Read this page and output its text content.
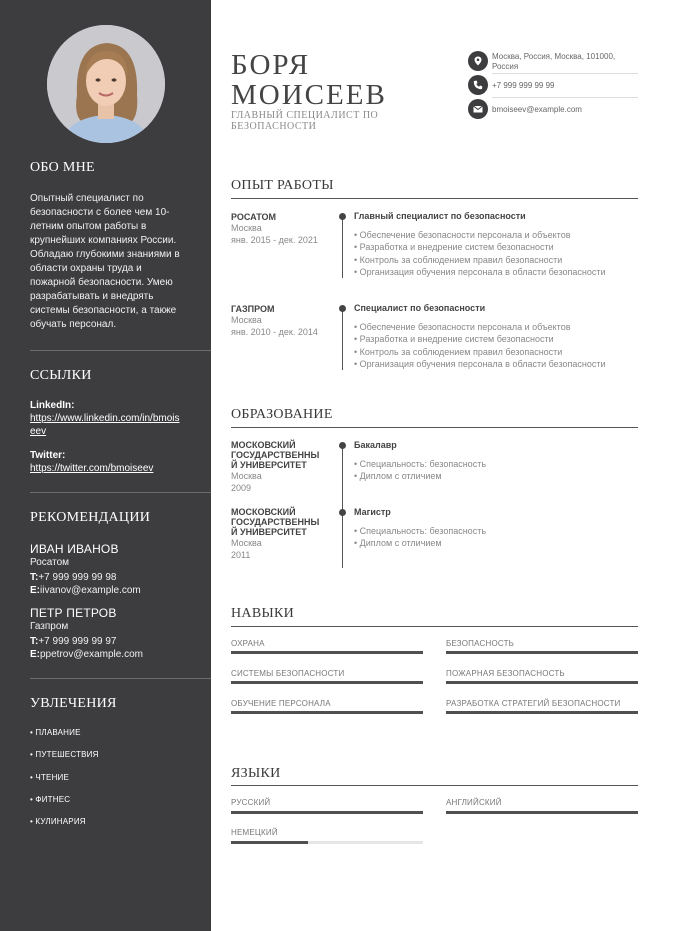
ОБО МНЕ

Опытный специалист по безопасности с более чем 10-летним опытом работы в крупнейших компаниях России. Обладаю глубокими знаниями в области охраны труда и пожарной безопасности. Умею разрабатывать и внедрять системы безопасности, а также обучать персонал.

ССЫЛКИ
LinkedIn:
https://www.linkedin.com/in/bmoiseev
Twitter:
https://twitter.com/bmoiseev
РЕКОМЕНДАЦИИ
ИВАН ИВАНОВ
Росатом
T:+7 999 999 99 98
E:iivanov@example.com
ПЕТР ПЕТРОВ
Газпром
T:+7 999 999 99 97
E:ppetrov@example.com
УВЛЕЧЕНИЯ
• ПЛАВАНИЕ
• ПУТЕШЕСТВИЯ
• ЧТЕНИЕ
• ФИТНЕС
• КУЛИНАРИЯ
БОРЯ
МОИСЕЕВ
ГЛАВНЫЙ СПЕЦИАЛИСТ ПО БЕЗОПАСНОСТИ
Москва, Россия, Москва, 101000, Россия
+7 999 999 99 99
bmoiseev@example.com
ОПЫТ РАБОТЫ
РОСАТОМ
Москва
янв. 2015 - дек. 2021
Главный специалист по безопасности
• Обеспечение безопасности персонала и объектов
• Разработка и внедрение систем безопасности
• Контроль за соблюдением правил безопасности
• Организация обучения персонала в области безопасности
ГАЗПРОМ
Москва
янв. 2010 - дек. 2014
Специалист по безопасности
• Обеспечение безопасности персонала и объектов
• Разработка и внедрение систем безопасности
• Контроль за соблюдением правил безопасности
• Организация обучения персонала в области безопасности
ОБРАЗОВАНИЕ
МОСКОВСКИЙ ГОСУДАРСТВЕННЫ Й УНИВЕРСИТЕТ
Москва
2009
Бакалавр
• Специальность: безопасность
• Диплом с отличием
МОСКОВСКИЙ ГОСУДАРСТВЕННЫ Й УНИВЕРСИТЕТ
Москва
2011
Магистр
• Специальность: безопасность
• Диплом с отличием
НАВЫКИ
ОХРАНА	БЕЗОПАСНОСТЬ
СИСТЕМЫ БЕЗОПАСНОСТИ	ПОЖАРНАЯ БЕЗОПАСНОСТЬ
ОБУЧЕНИЕ ПЕРСОНАЛА	РАЗРАБОТКА СТРАТЕГИЙ БЕЗОПАСНОСТИ
ЯЗЫКИ
РУССКИЙ	АНГЛИЙСКИЙ
НЕМЕЦКИЙ
